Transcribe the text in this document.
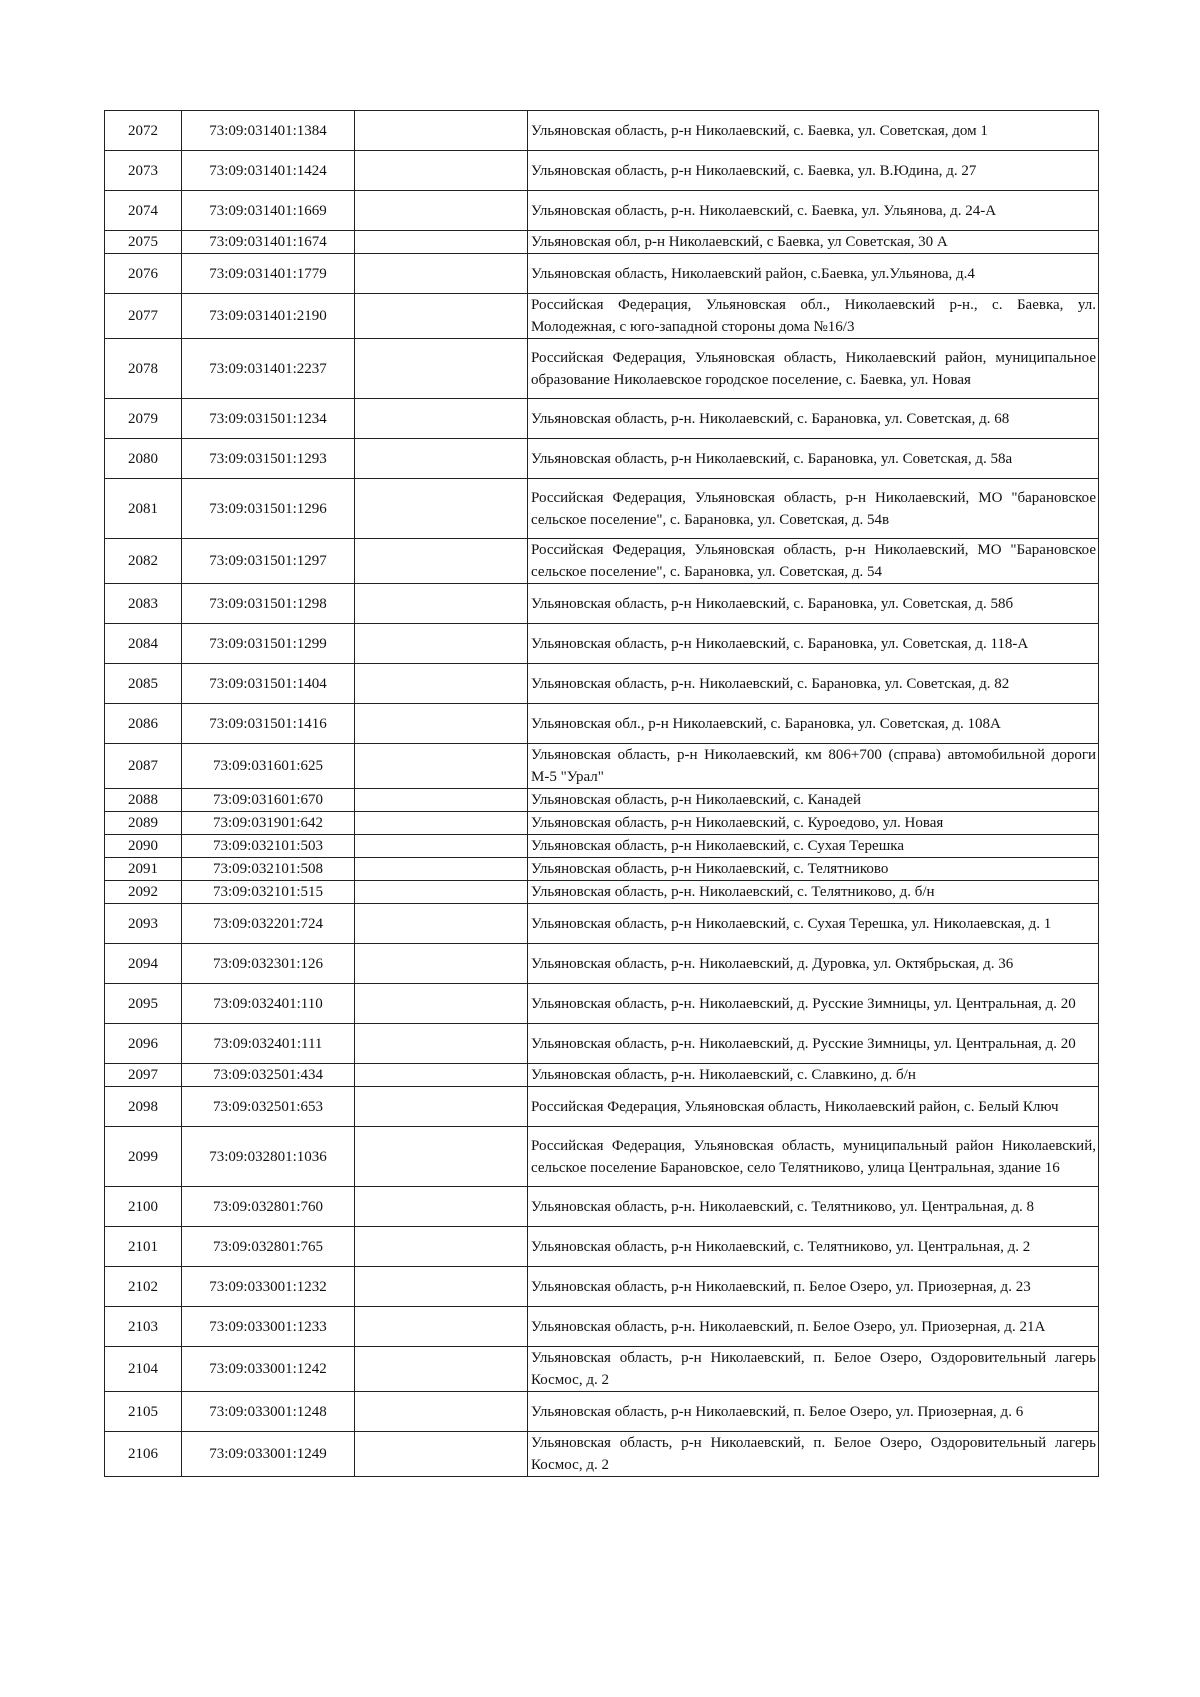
2072	73:09:031401:1384		Ульяновская область, р-н Николаевский, с. Баевка, ул. Советская, дом 1
2073	73:09:031401:1424		Ульяновская область, р-н Николаевский, с. Баевка, ул. В.Юдина, д. 27
2074	73:09:031401:1669		Ульяновская область, р-н. Николаевский, с. Баевка, ул. Ульянова, д. 24-А
2075	73:09:031401:1674		Ульяновская обл, р-н Николаевский, с Баевка, ул Советская, 30 А
2076	73:09:031401:1779		Ульяновская область, Николаевский район, с.Баевка, ул.Ульянова, д.4
2077	73:09:031401:2190		Российская Федерация, Ульяновская обл., Николаевский р-н., с. Баевка, ул. Молодежная, с юго-западной стороны дома №16/3
2078	73:09:031401:2237		Российская Федерация, Ульяновская область, Николаевский район, муниципальное образование Николаевское городское поселение, с. Баевка, ул. Новая
2079	73:09:031501:1234		Ульяновская область, р-н. Николаевский, с. Барановка, ул. Советская, д. 68
2080	73:09:031501:1293		Ульяновская область, р-н Николаевский, с. Барановка, ул. Советская, д. 58а
2081	73:09:031501:1296		Российская Федерация, Ульяновская область, р-н Николаевский, МО "барановское сельское поселение", с. Барановка, ул. Советская, д. 54в
2082	73:09:031501:1297		Российская Федерация, Ульяновская область, р-н Николаевский, МО "Барановское сельское поселение", с. Барановка, ул. Советская, д. 54
2083	73:09:031501:1298		Ульяновская область, р-н Николаевский, с. Барановка, ул. Советская, д. 58б
2084	73:09:031501:1299		Ульяновская область, р-н Николаевский, с. Барановка, ул. Советская, д. 118-А
2085	73:09:031501:1404		Ульяновская область, р-н. Николаевский, с. Барановка, ул. Советская, д. 82
2086	73:09:031501:1416		Ульяновская обл., р-н Николаевский, с. Барановка, ул. Советская, д. 108А
2087	73:09:031601:625		Ульяновская область, р-н Николаевский, км 806+700 (справа) автомобильной дороги М-5 "Урал"
2088	73:09:031601:670		Ульяновская область, р-н Николаевский, с. Канадей
2089	73:09:031901:642		Ульяновская область, р-н Николаевский, с. Куроедово, ул. Новая
2090	73:09:032101:503		Ульяновская область, р-н Николаевский, с. Сухая Терешка
2091	73:09:032101:508		Ульяновская область, р-н Николаевский, с. Телятниково
2092	73:09:032101:515		Ульяновская область, р-н. Николаевский, с. Телятниково, д. б/н
2093	73:09:032201:724		Ульяновская область, р-н Николаевский, с. Сухая Терешка, ул. Николаевская, д. 1
2094	73:09:032301:126		Ульяновская область, р-н. Николаевский, д. Дуровка, ул. Октябрьская, д. 36
2095	73:09:032401:110		Ульяновская область, р-н. Николаевский, д. Русские Зимницы, ул. Центральная, д. 20
2096	73:09:032401:111		Ульяновская область, р-н. Николаевский, д. Русские Зимницы, ул. Центральная, д. 20
2097	73:09:032501:434		Ульяновская область, р-н. Николаевский, с. Славкино, д. б/н
2098	73:09:032501:653		Российская Федерация, Ульяновская область, Николаевский район, с. Белый Ключ
2099	73:09:032801:1036		Российская Федерация, Ульяновская область, муниципальный район Николаевский, сельское поселение Барановское, село Телятниково, улица Центральная, здание 16
2100	73:09:032801:760		Ульяновская область, р-н. Николаевский, с. Телятниково, ул. Центральная, д. 8
2101	73:09:032801:765		Ульяновская область, р-н Николаевский, с. Телятниково, ул. Центральная, д. 2
2102	73:09:033001:1232		Ульяновская область, р-н Николаевский, п. Белое Озеро, ул. Приозерная, д. 23
2103	73:09:033001:1233		Ульяновская область, р-н. Николаевский, п. Белое Озеро, ул. Приозерная, д. 21А
2104	73:09:033001:1242		Ульяновская область, р-н Николаевский, п. Белое Озеро, Оздоровительный лагерь Космос, д. 2
2105	73:09:033001:1248		Ульяновская область, р-н Николаевский, п. Белое Озеро, ул. Приозерная, д. 6
2106	73:09:033001:1249		Ульяновская область, р-н Николаевский, п. Белое Озеро, Оздоровительный лагерь Космос, д. 2
